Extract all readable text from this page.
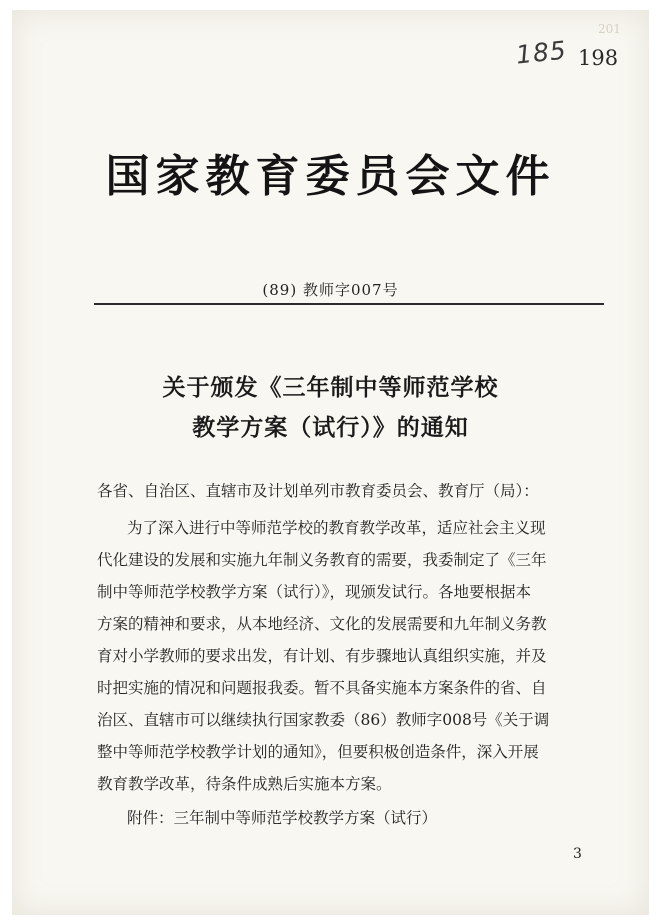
185 198
201
国家教育委员会文件
(89) 教师字007号
关于颁发《三年制中等师范学校
教学方案（试行）》的通知
各省、自治区、直辖市及计划单列市教育委员会、教育厅（局）：
为了深入进行中等师范学校的教育教学改革，适应社会主义现
代化建设的发展和实施九年制义务教育的需要，我委制定了《三年
制中等师范学校教学方案（试行）》，现颁发试行。各地要根据本
方案的精神和要求，从本地经济、文化的发展需要和九年制义务教
育对小学教师的要求出发，有计划、有步骤地认真组织实施，并及
时把实施的情况和问题报我委。暂不具备实施本方案条件的省、自
治区、直辖市可以继续执行国家教委（86）教师字008号《关于调
整中等师范学校教学计划的通知》，但要积极创造条件，深入开展
教育教学改革，待条件成熟后实施本方案。
附件：三年制中等师范学校教学方案（试行）
3
